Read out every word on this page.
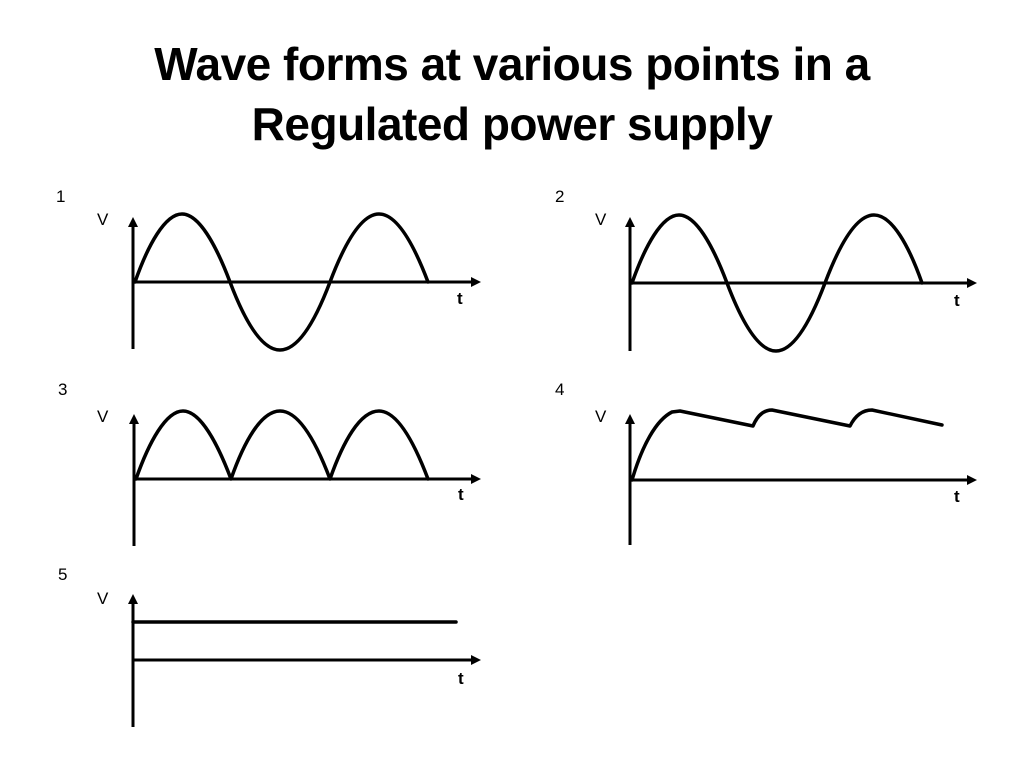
Wave forms at various points in a
Regulated power supply
1
V
t
2
V
t
3
V
t
4
V
t
5
V
t
